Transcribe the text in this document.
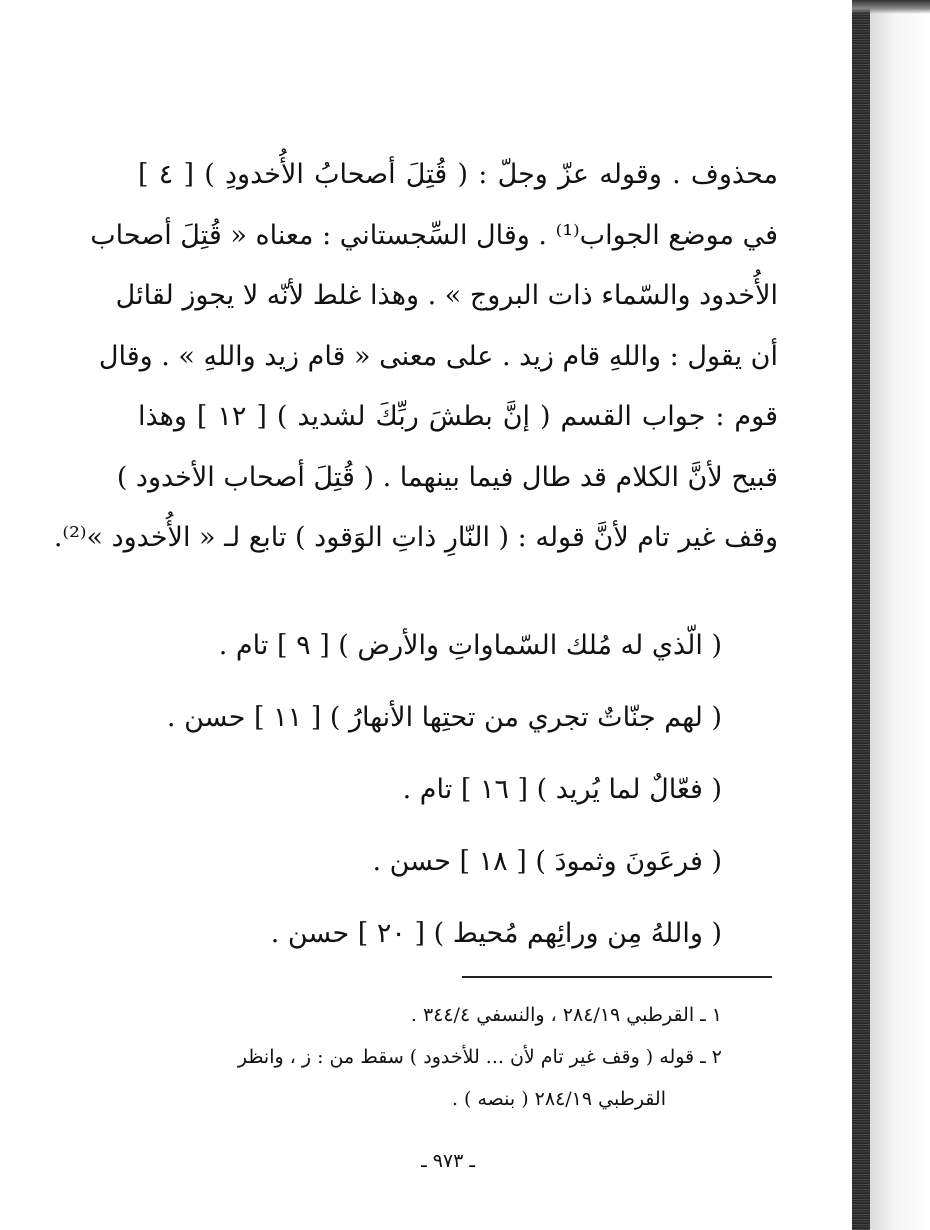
محذوف . وقوله عزّ وجلّ : ( قُتِلَ أصحابُ الأُخدودِ ) [ ٤ ]
في موضع الجواب⁽¹⁾ . وقال السِّجستاني : معناه « قُتِلَ أصحاب
الأُخدود والسّماء ذات البروج » . وهذا غلط لأنّه لا يجوز لقائل
أن يقول : واللهِ قام زيد . على معنى « قام زيد واللهِ » . وقال
قوم : جواب القسم ( إنَّ بطشَ ربِّكَ لشديد ) [ ١٢ ] وهذا
قبيح لأنَّ الكلام قد طال فيما بينهما . ( قُتِلَ أصحاب الأخدود )
وقف غير تام لأنَّ قوله : ( النّارِ ذاتِ الوَقود ) تابع لـ « الأُخدود »⁽²⁾.
( الّذي له مُلك السّماواتِ والأرض ) [ ٩ ] تام .
( لهم جنّاتٌ تجري من تحتِها الأنهارُ ) [ ١١ ] حسن .
( فعّالٌ لما يُريد ) [ ١٦ ] تام .
( فرعَونَ وثمودَ ) [ ١٨ ] حسن .
( واللهُ مِن ورائِهم مُحيط ) [ ٢٠ ] حسن .
١ ـ القرطبي ٢٨٤/١٩ ، والنسفي ٣٤٤/٤ .
٢ ـ قوله ( وقف غير تام لأن ... للأخدود ) سقط من : ز ، وانظر
القرطبي ٢٨٤/١٩ ( بنصه ) .
ـ ٩٧٣ ـ
